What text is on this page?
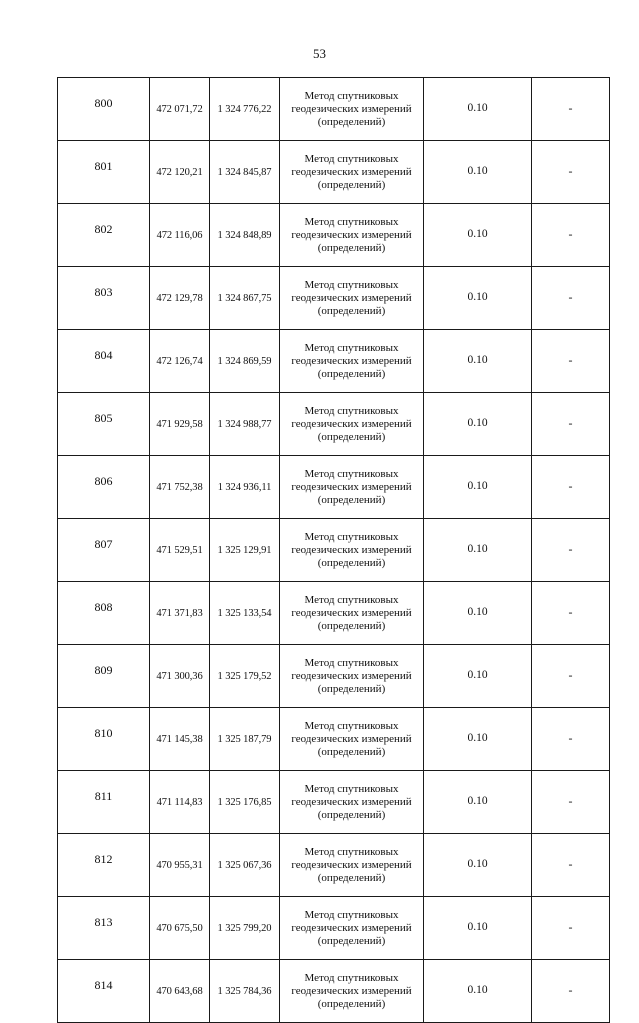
53
800	472 071,72	1 324 776,22	Метод спутниковых
геодезических измерений
(определений)	0.10	-
801	472 120,21	1 324 845,87	Метод спутниковых
геодезических измерений
(определений)	0.10	-
802	472 116,06	1 324 848,89	Метод спутниковых
геодезических измерений
(определений)	0.10	-
803	472 129,78	1 324 867,75	Метод спутниковых
геодезических измерений
(определений)	0.10	-
804	472 126,74	1 324 869,59	Метод спутниковых
геодезических измерений
(определений)	0.10	-
805	471 929,58	1 324 988,77	Метод спутниковых
геодезических измерений
(определений)	0.10	-
806	471 752,38	1 324 936,11	Метод спутниковых
геодезических измерений
(определений)	0.10	-
807	471 529,51	1 325 129,91	Метод спутниковых
геодезических измерений
(определений)	0.10	-
808	471 371,83	1 325 133,54	Метод спутниковых
геодезических измерений
(определений)	0.10	-
809	471 300,36	1 325 179,52	Метод спутниковых
геодезических измерений
(определений)	0.10	-
810	471 145,38	1 325 187,79	Метод спутниковых
геодезических измерений
(определений)	0.10	-
811	471 114,83	1 325 176,85	Метод спутниковых
геодезических измерений
(определений)	0.10	-
812	470 955,31	1 325 067,36	Метод спутниковых
геодезических измерений
(определений)	0.10	-
813	470 675,50	1 325 799,20	Метод спутниковых
геодезических измерений
(определений)	0.10	-
814	470 643,68	1 325 784,36	Метод спутниковых
геодезических измерений
(определений)	0.10	-
